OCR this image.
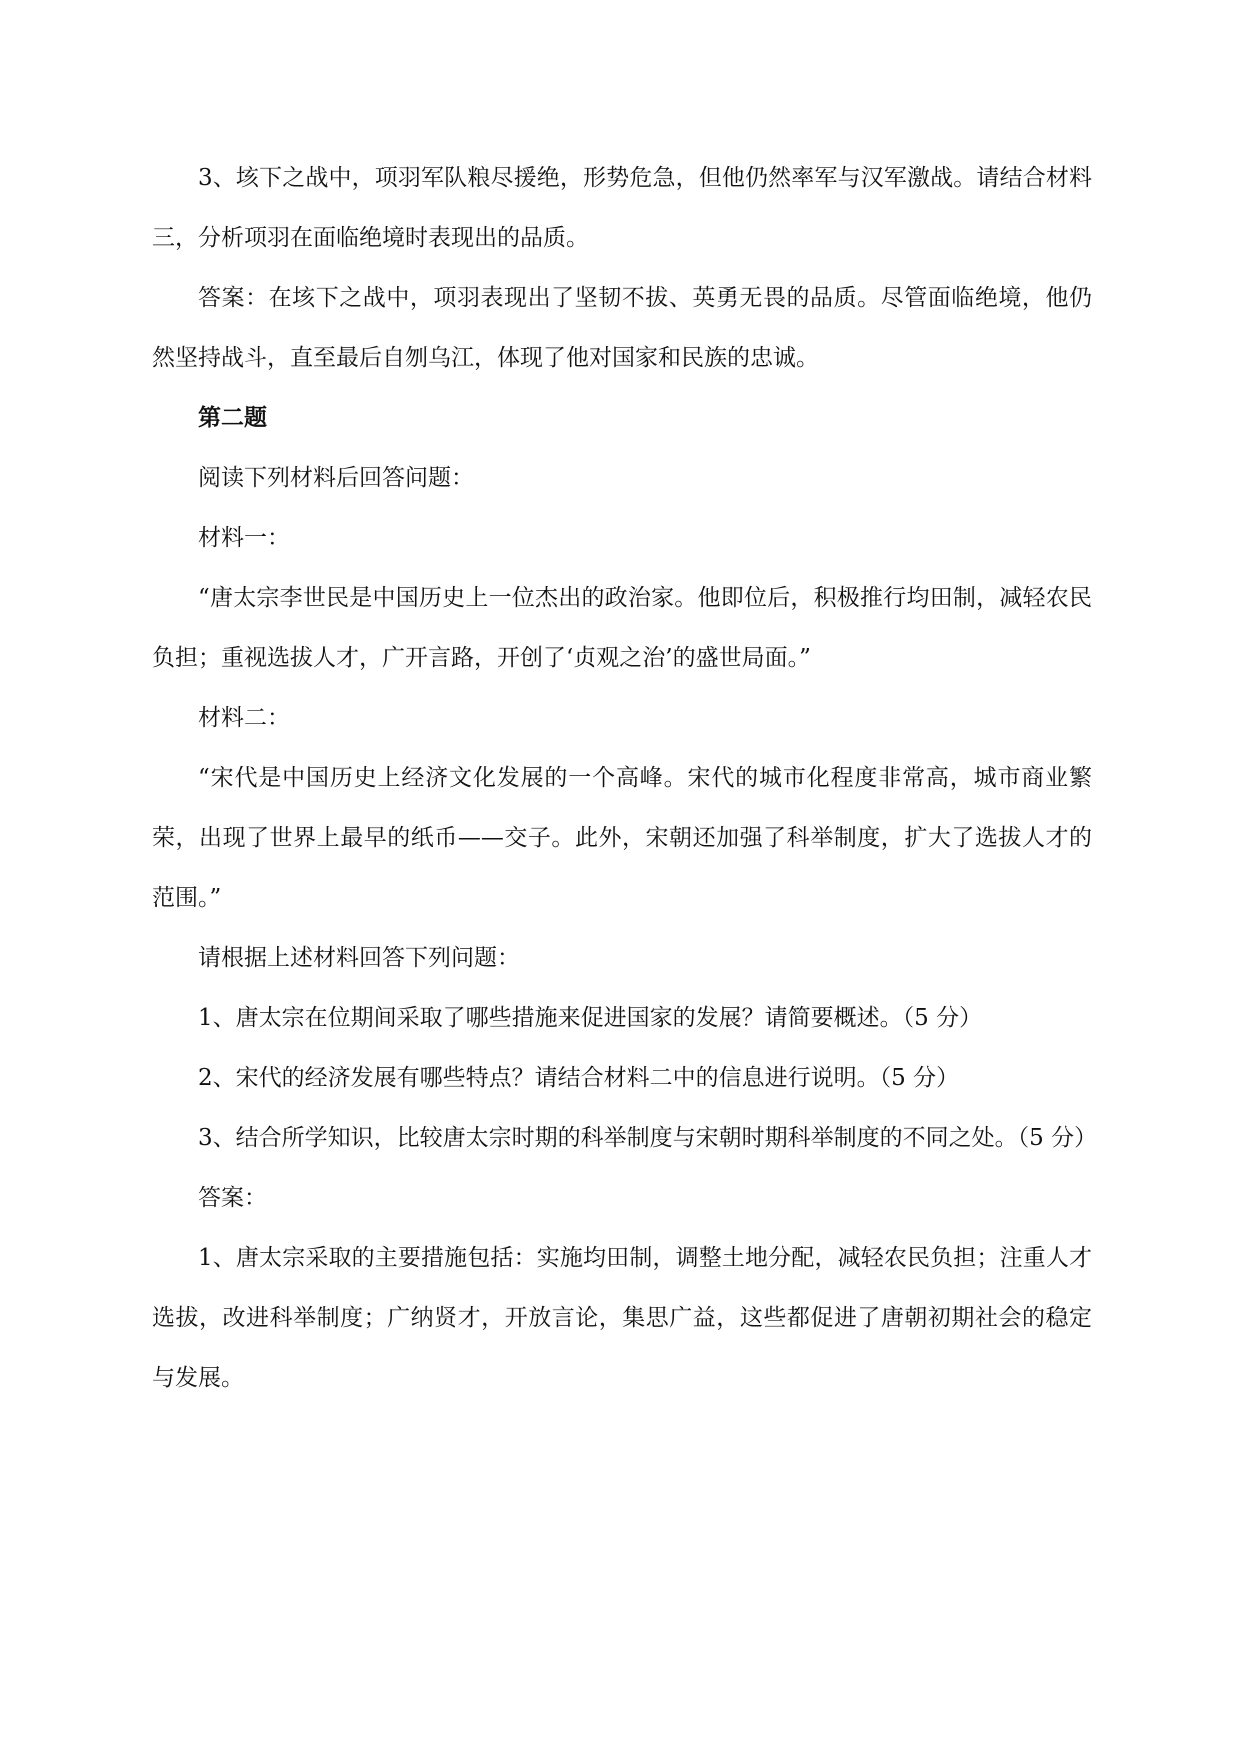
3、垓下之战中，项羽军队粮尽援绝，形势危急，但他仍然率军与汉军激战。请结合材料三，分析项羽在面临绝境时表现出的品质。

答案：在垓下之战中，项羽表现出了坚韧不拔、英勇无畏的品质。尽管面临绝境，他仍然坚持战斗，直至最后自刎乌江，体现了他对国家和民族的忠诚。

第二题

阅读下列材料后回答问题：

材料一：

“唐太宗李世民是中国历史上一位杰出的政治家。他即位后，积极推行均田制，减轻农民负担；重视选拔人才，广开言路，开创了‘贞观之治’的盛世局面。”

材料二：

“宋代是中国历史上经济文化发展的一个高峰。宋代的城市化程度非常高，城市商业繁荣，出现了世界上最早的纸币——交子。此外，宋朝还加强了科举制度，扩大了选拔人才的范围。”

请根据上述材料回答下列问题：

1、唐太宗在位期间采取了哪些措施来促进国家的发展？请简要概述。（5 分）

2、宋代的经济发展有哪些特点？请结合材料二中的信息进行说明。（5 分）

3、结合所学知识，比较唐太宗时期的科举制度与宋朝时期科举制度的不同之处。（5 分）

答案：

1、唐太宗采取的主要措施包括：实施均田制，调整土地分配，减轻农民负担；注重人才选拔，改进科举制度；广纳贤才，开放言论，集思广益，这些都促进了唐朝初期社会的稳定与发展。
